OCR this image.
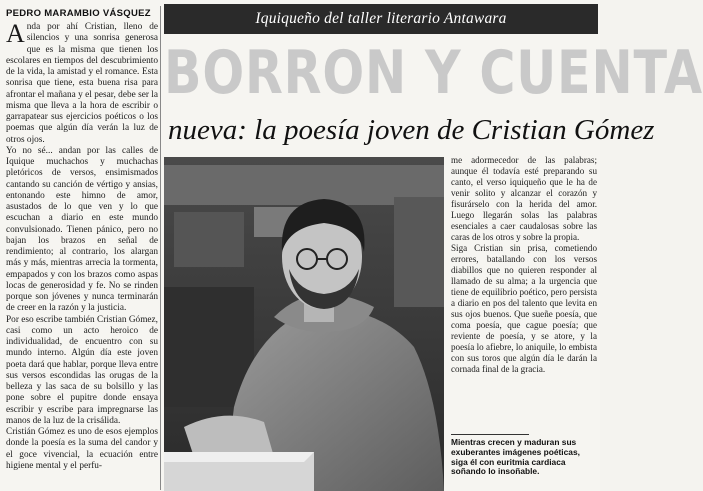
PEDRO MARAMBIO VÁSQUEZ

Anda por ahí Cristian, lleno de silencios y una sonrisa generosa que es la misma que tienen los escolares en tiempos del descubrimiento de la vida, la amistad y el romance. Esta sonrisa que tiene, esta buena risa para afrontar el mañana y el pesar, debe ser la misma que lleva a la hora de escribir o garrapatear sus ejercicios poéticos o los poemas que algún día verán la luz de otros ojos.

Yo no sé... andan por las calles de Iquique muchachos y muchachas pletóricos de versos, ensimismados cantando su canción de vértigo y ansias, entonando este himno de amor, asustados de lo que ven y lo que escuchan a diario en este mundo convulsionado. Tienen pánico, pero no bajan los brazos en señal de rendimiento; al contrario, los alargan más y más, mientras arrecia la tormenta, empapados y con los brazos como aspas locas de generosidad y fe. No se rinden porque son jóvenes y nunca terminarán de creer en la razón y la justicia.

Por eso escribe también Cristian Gómez, casi como un acto heroico de individualidad, de encuentro con su mundo interno. Algún día este joven poeta dará que hablar, porque lleva entre sus versos escondidas las orugas de la belleza y las saca de su bolsillo y las pone sobre el pupitre donde ensaya escribir y escribe para impregnarse las manos de la luz de la crisálida.

Cristián Gómez es uno de esos ejemplos donde la poesía es la suma del candor y el goce vivencial, la ecuación entre higiene mental y el perfu-

Iquiqueño del taller literario Antawara
BORRON Y CUENTA
nueva: la poesía joven de Cristian Gómez

me adormecedor de las palabras; aunque él todavía esté preparando su canto, el verso iquiqueño que le ha de venir solito y alcanzar el corazón y fisurárselo con la herida del amor. Luego llegarán solas las palabras esenciales a caer caudalosas sobre las caras de los otros y sobre la propia.

Siga Cristian sin prisa, cometiendo errores, batallando con los versos diabillos que no quieren responder al llamado de su alma; a la urgencia que tiene de equilibrio poético, pero persista a diario en pos del talento que levita en sus ojos buenos. Que sueñe poesía, que coma poesía, que cague poesía; que reviente de poesía, y se atore, y la poesía lo afiebre, lo aniquile, lo embista con sus toros que algún día le darán la cornada final de la gracia.

Mientras crecen y maduran sus exuberantes imágenes poéticas, siga él con euritmia cardiaca soñando lo insoñable.
